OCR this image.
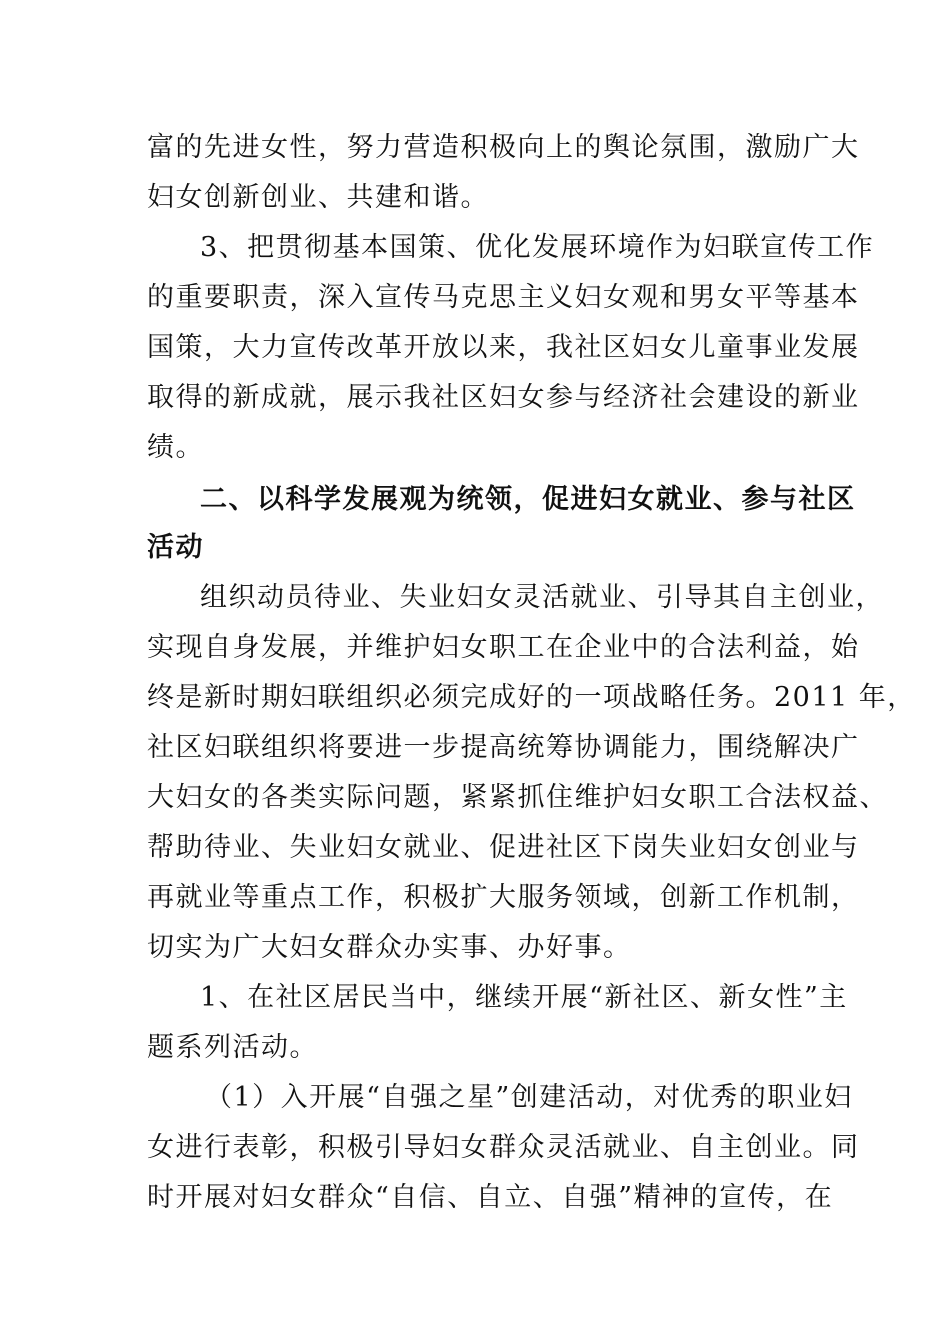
富的先进女性，努力营造积极向上的舆论氛围，激励广大
妇女创新创业、共建和谐。
3、把贯彻基本国策、优化发展环境作为妇联宣传工作
的重要职责，深入宣传马克思主义妇女观和男女平等基本
国策，大力宣传改革开放以来，我社区妇女儿童事业发展
取得的新成就，展示我社区妇女参与经济社会建设的新业
绩。
二、以科学发展观为统领，促进妇女就业、参与社区
活动
组织动员待业、失业妇女灵活就业、引导其自主创业，
实现自身发展，并维护妇女职工在企业中的合法利益，始
终是新时期妇联组织必须完成好的一项战略任务。2011 年，
社区妇联组织将要进一步提高统筹协调能力，围绕解决广
大妇女的各类实际问题，紧紧抓住维护妇女职工合法权益、
帮助待业、失业妇女就业、促进社区下岗失业妇女创业与
再就业等重点工作，积极扩大服务领域，创新工作机制，
切实为广大妇女群众办实事、办好事。
1、在社区居民当中，继续开展“新社区、新女性”主
题系列活动。
（1）入开展“自强之星”创建活动，对优秀的职业妇
女进行表彰，积极引导妇女群众灵活就业、自主创业。同
时开展对妇女群众“自信、自立、自强”精神的宣传，在
